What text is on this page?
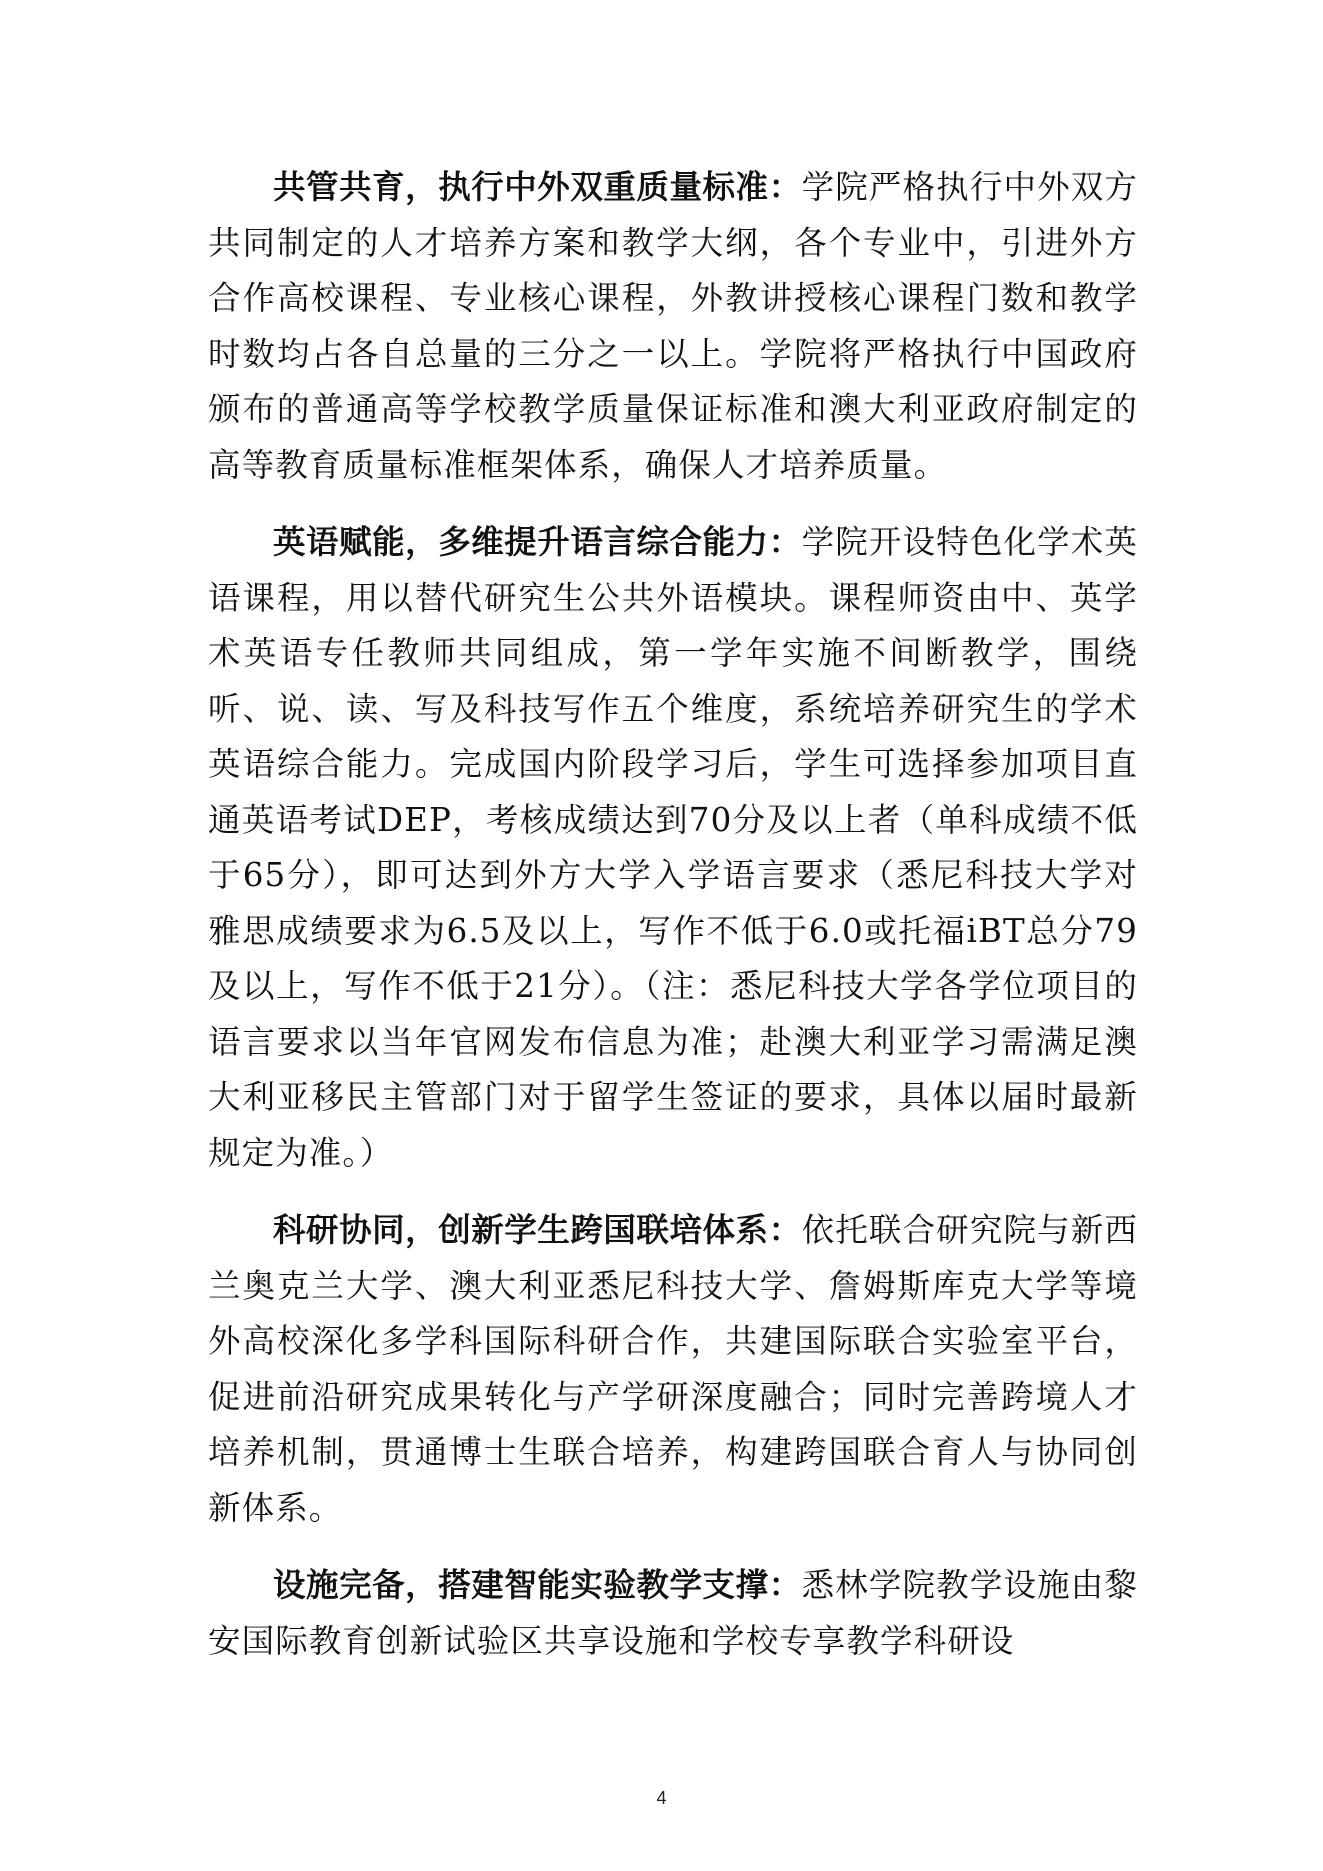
共管共育，执行中外双重质量标准：学院严格执行中外双方共同制定的人才培养方案和教学大纲，各个专业中，引进外方合作高校课程、专业核心课程，外教讲授核心课程门数和教学时数均占各自总量的三分之一以上。学院将严格执行中国政府颁布的普通高等学校教学质量保证标准和澳大利亚政府制定的高等教育质量标准框架体系，确保人才培养质量。

英语赋能，多维提升语言综合能力：学院开设特色化学术英语课程，用以替代研究生公共外语模块。课程师资由中、英学术英语专任教师共同组成，第一学年实施不间断教学，围绕听、说、读、写及科技写作五个维度，系统培养研究生的学术英语综合能力。完成国内阶段学习后，学生可选择参加项目直通英语考试DEP，考核成绩达到70分及以上者（单科成绩不低于65分），即可达到外方大学入学语言要求（悉尼科技大学对雅思成绩要求为6.5及以上，写作不低于6.0或托福iBT总分79及以上，写作不低于21分）。（注：悉尼科技大学各学位项目的语言要求以当年官网发布信息为准；赴澳大利亚学习需满足澳大利亚移民主管部门对于留学生签证的要求，具体以届时最新规定为准。）

科研协同，创新学生跨国联培体系：依托联合研究院与新西兰奥克兰大学、澳大利亚悉尼科技大学、詹姆斯库克大学等境外高校深化多学科国际科研合作，共建国际联合实验室平台，促进前沿研究成果转化与产学研深度融合；同时完善跨境人才培养机制，贯通博士生联合培养，构建跨国联合育人与协同创新体系。

设施完备，搭建智能实验教学支撑：悉林学院教学设施由黎安国际教育创新试验区共享设施和学校专享教学科研设

4
